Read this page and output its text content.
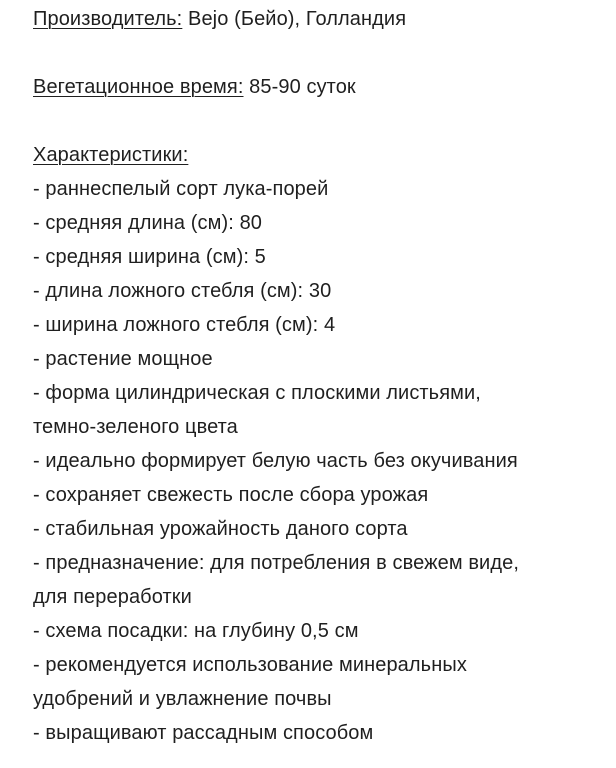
Производитель: Bejo (Бейо), Голландия
Вегетационное время: 85-90 суток
Характеристики:
- раннеспелый сорт лука-порей
- средняя длина (см): 80
- средняя ширина (см): 5
- длина ложного стебля (см): 30
- ширина ложного стебля (см): 4
- растение мощное
- форма цилиндрическая с плоскими листьями,
темно-зеленого цвета
- идеально формирует белую часть без окучивания
- сохраняет свежесть после сбора урожая
- стабильная урожайность даного сорта
- предназначение: для потребления в свежем виде,
для переработки
- схема посадки: на глубину 0,5 см
- рекомендуется использование минеральных
удобрений и увлажнение почвы
- выращивают рассадным способом
